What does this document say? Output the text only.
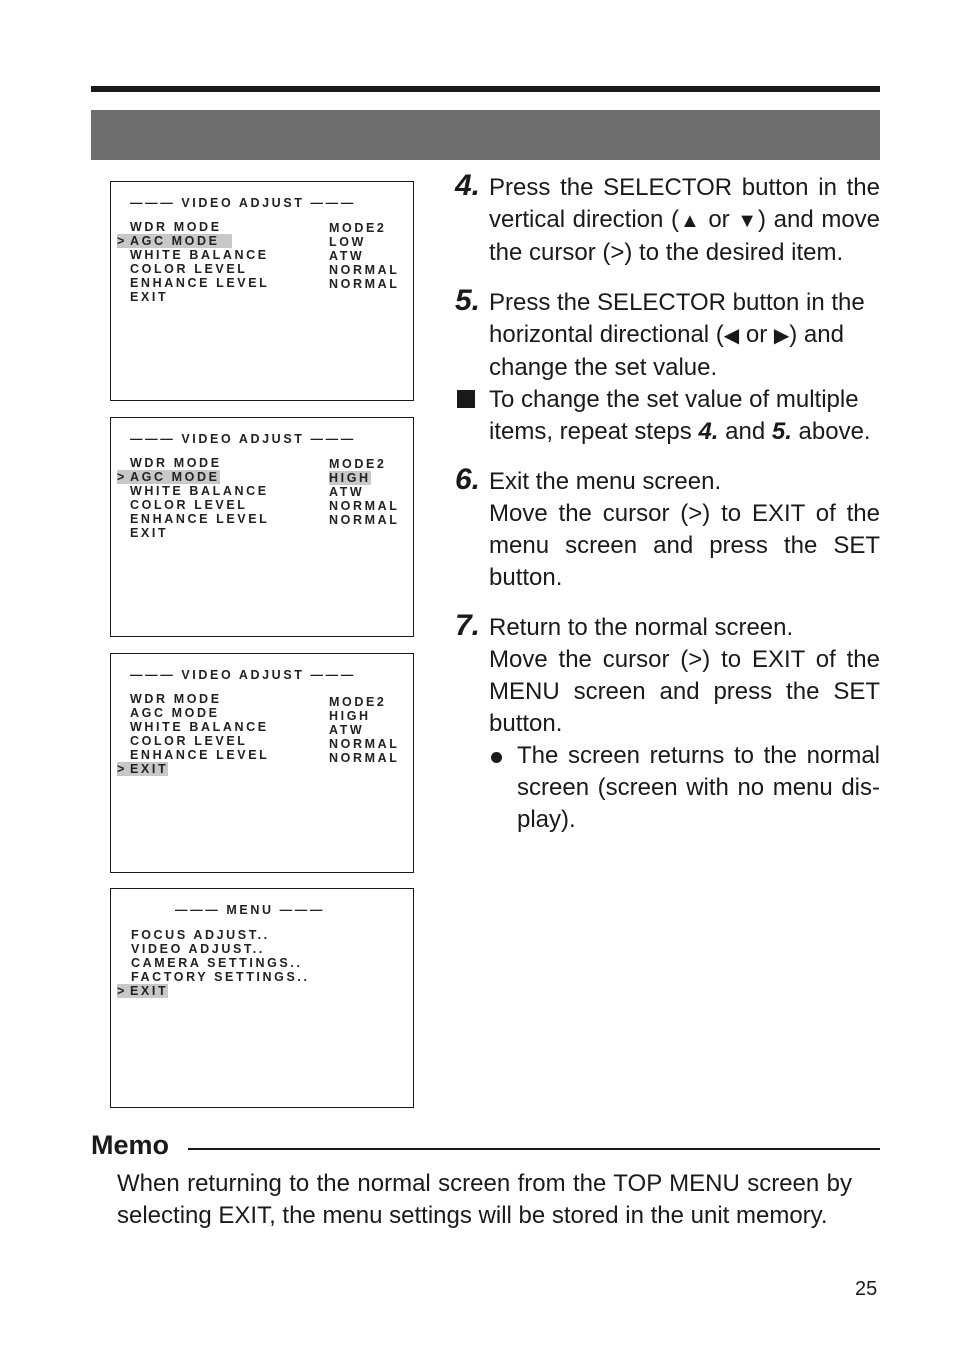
——— VIDEO ADJUST ———
WDR MODE
> AGC MODE
WHITE BALANCE
COLOR LEVEL
ENHANCE LEVEL
EXIT
MODE2
LOW
ATW
NORMAL
NORMAL
——— VIDEO ADJUST ———
WDR MODE
> AGC MODE
WHITE BALANCE
COLOR LEVEL
ENHANCE LEVEL
EXIT
MODE2
HIGH
ATW
NORMAL
NORMAL
——— VIDEO ADJUST ———
WDR MODE
AGC MODE
WHITE BALANCE
COLOR LEVEL
ENHANCE LEVEL
> EXIT
MODE2
HIGH
ATW
NORMAL
NORMAL
——— MENU ———
FOCUS ADJUST..
VIDEO ADJUST..
CAMERA SETTINGS..
FACTORY SETTINGS..
> EXIT
4. Press the SELECTOR button in the vertical direction (▲ or ▼) and move the cursor (>) to the desired item.

5. Press the SELECTOR button in the horizontal directional (◀ or ▶) and change the set value.

To change the set value of multiple items, repeat steps 4. and 5. above.

6. Exit the menu screen.

Move the cursor (>) to EXIT of the menu screen and press the SET button.

7. Return to the normal screen.

Move the cursor (>) to EXIT of the MENU screen and press the SET button.

The screen returns to the normal screen (screen with no menu dis-play).

Memo
When returning to the normal screen from the TOP MENU screen by selecting EXIT, the menu settings will be stored in the unit memory.
25
